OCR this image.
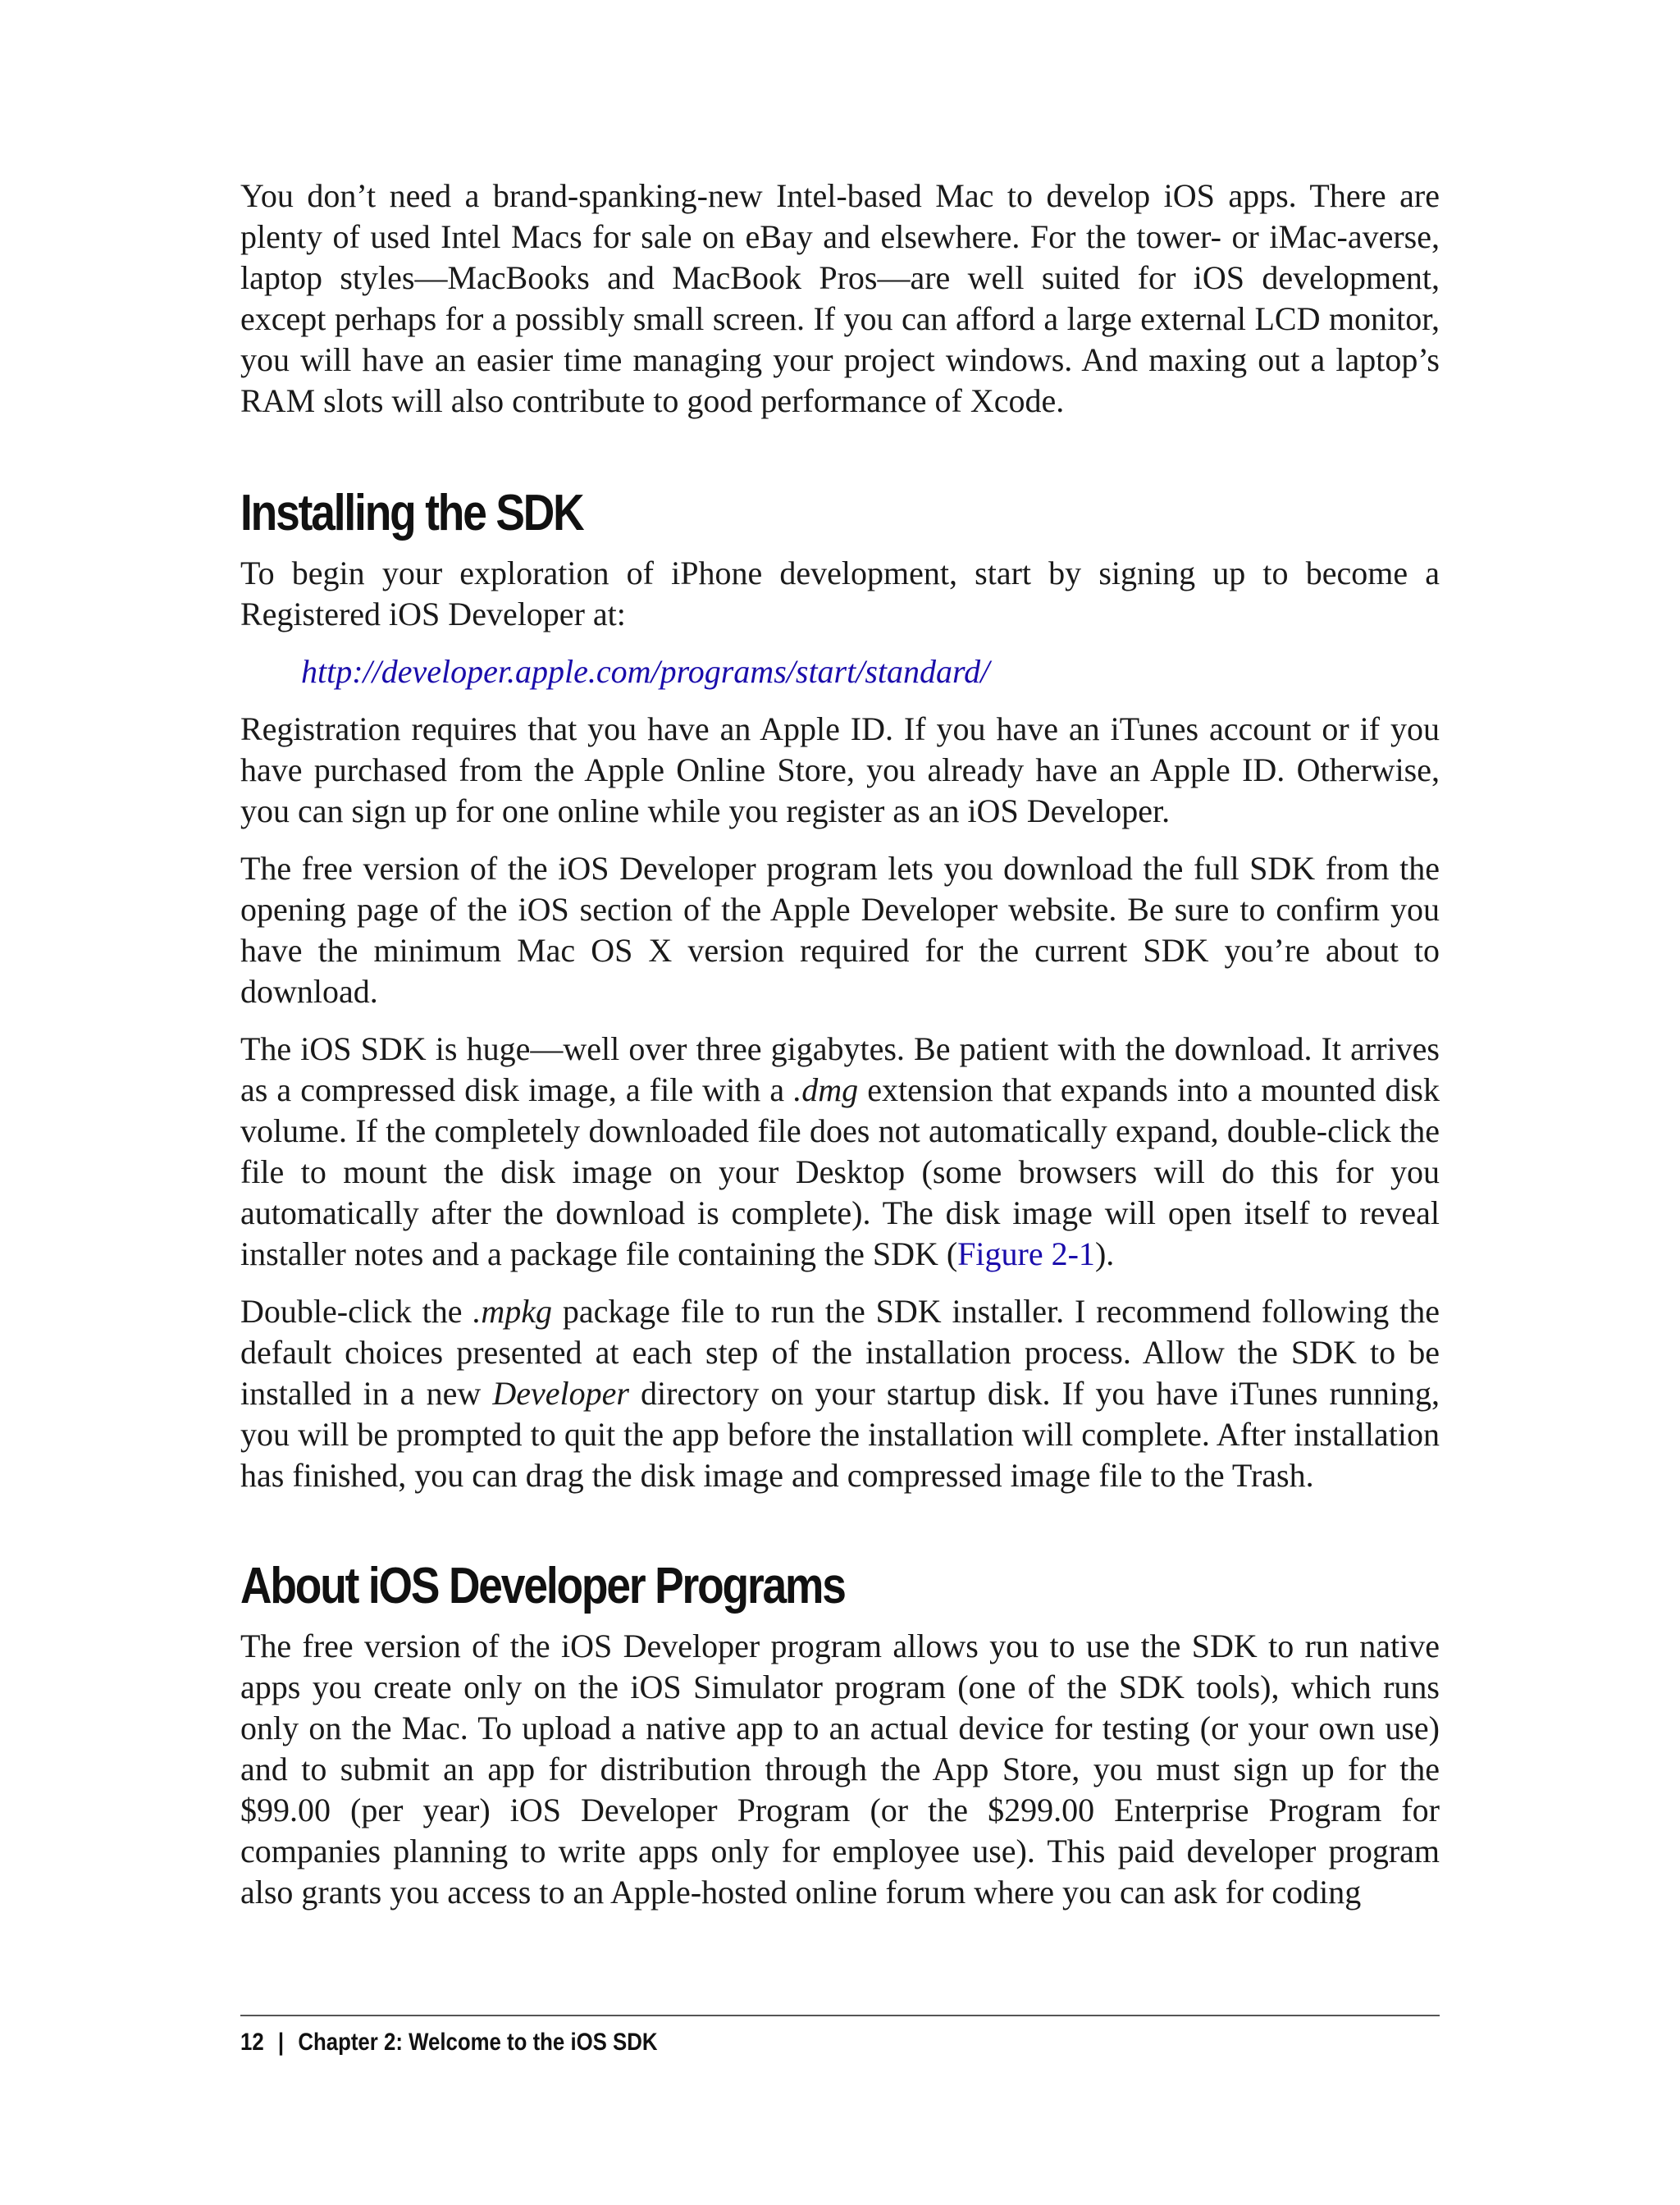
You don’t need a brand-spanking-new Intel-based Mac to develop iOS apps. There are plenty of used Intel Macs for sale on eBay and elsewhere. For the tower- or iMac-averse, laptop styles—MacBooks and MacBook Pros—are well suited for iOS development, except perhaps for a possibly small screen. If you can afford a large external LCD monitor, you will have an easier time managing your project windows. And maxing out a laptop’s RAM slots will also contribute to good performance of Xcode.

Installing the SDK

To begin your exploration of iPhone development, start by signing up to become a Registered iOS Developer at:

http://developer.apple.com/programs/start/standard/

Registration requires that you have an Apple ID. If you have an iTunes account or if you have purchased from the Apple Online Store, you already have an Apple ID. Otherwise, you can sign up for one online while you register as an iOS Developer.

The free version of the iOS Developer program lets you download the full SDK from the opening page of the iOS section of the Apple Developer website. Be sure to confirm you have the minimum Mac OS X version required for the current SDK you’re about to download.

The iOS SDK is huge—well over three gigabytes. Be patient with the download. It arrives as a compressed disk image, a file with a .dmg extension that expands into a mounted disk volume. If the completely downloaded file does not automatically expand, double-click the file to mount the disk image on your Desktop (some browsers will do this for you automatically after the download is complete). The disk image will open itself to reveal installer notes and a package file containing the SDK (Figure 2-1).

Double-click the .mpkg package file to run the SDK installer. I recommend following the default choices presented at each step of the installation process. Allow the SDK to be installed in a new Developer directory on your startup disk. If you have iTunes running, you will be prompted to quit the app before the installation will complete. After installation has finished, you can drag the disk image and compressed image file to the Trash.

About iOS Developer Programs

The free version of the iOS Developer program allows you to use the SDK to run native apps you create only on the iOS Simulator program (one of the SDK tools), which runs only on the Mac. To upload a native app to an actual device for testing (or your own use) and to submit an app for distribution through the App Store, you must sign up for the $99.00 (per year) iOS Developer Program (or the $299.00 Enterprise Program for companies planning to write apps only for employee use). This paid developer program also grants you access to an Apple-hosted online forum where you can ask for coding

12 | Chapter 2: Welcome to the iOS SDK
